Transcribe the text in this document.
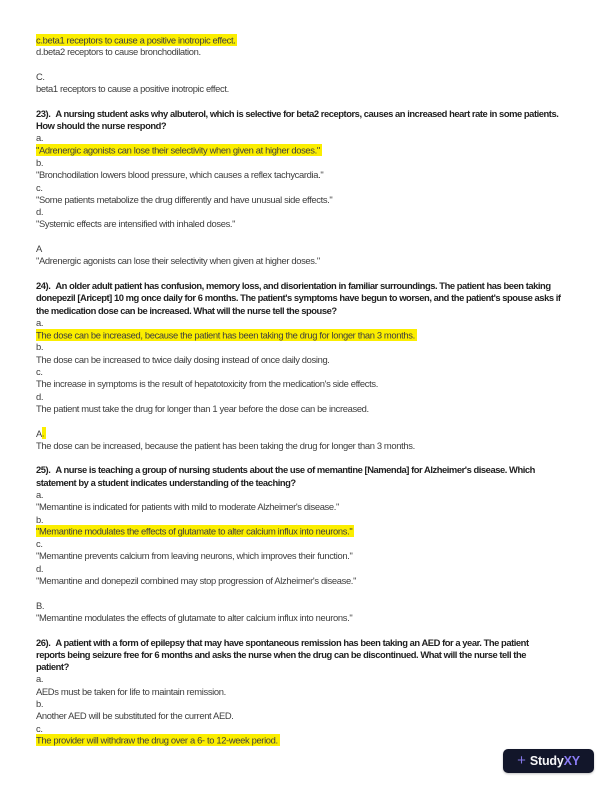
c.beta1 receptors to cause a positive inotropic effect.
d.beta2 receptors to cause bronchodilation.
C.
beta1 receptors to cause a positive inotropic effect.
23). A nursing student asks why albuterol, which is selective for beta2 receptors, causes an increased heart rate in some patients.
How should the nurse respond?
a.
"Adrenergic agonists can lose their selectivity when given at higher doses."
b.
"Bronchodilation lowers blood pressure, which causes a reflex tachycardia."
c.
"Some patients metabolize the drug differently and have unusual side effects."
d.
"Systemic effects are intensified with inhaled doses."
A
"Adrenergic agonists can lose their selectivity when given at higher doses."
24). An older adult patient has confusion, memory loss, and disorientation in familiar surroundings. The patient has been taking
donepezil [Aricept] 10 mg once daily for 6 months. The patient's symptoms have begun to worsen, and the patient's spouse asks if
the medication dose can be increased. What will the nurse tell the spouse?
a.
The dose can be increased, because the patient has been taking the drug for longer than 3 months.
b.
The dose can be increased to twice daily dosing instead of once daily dosing.
c.
The increase in symptoms is the result of hepatotoxicity from the medication's side effects.
d.
The patient must take the drug for longer than 1 year before the dose can be increased.
A.
The dose can be increased, because the patient has been taking the drug for longer than 3 months.
25). A nurse is teaching a group of nursing students about the use of memantine [Namenda] for Alzheimer's disease. Which
statement by a student indicates understanding of the teaching?
a.
"Memantine is indicated for patients with mild to moderate Alzheimer's disease."
b.
"Memantine modulates the effects of glutamate to alter calcium influx into neurons."
c.
"Memantine prevents calcium from leaving neurons, which improves their function."
d.
"Memantine and donepezil combined may stop progression of Alzheimer's disease."
B.
"Memantine modulates the effects of glutamate to alter calcium influx into neurons."
26). A patient with a form of epilepsy that may have spontaneous remission has been taking an AED for a year. The patient
reports being seizure free for 6 months and asks the nurse when the drug can be discontinued. What will the nurse tell the
patient?
a.
AEDs must be taken for life to maintain remission.
b.
Another AED will be substituted for the current AED.
c.
The provider will withdraw the drug over a 6- to 12-week period.
+ StudyXY
